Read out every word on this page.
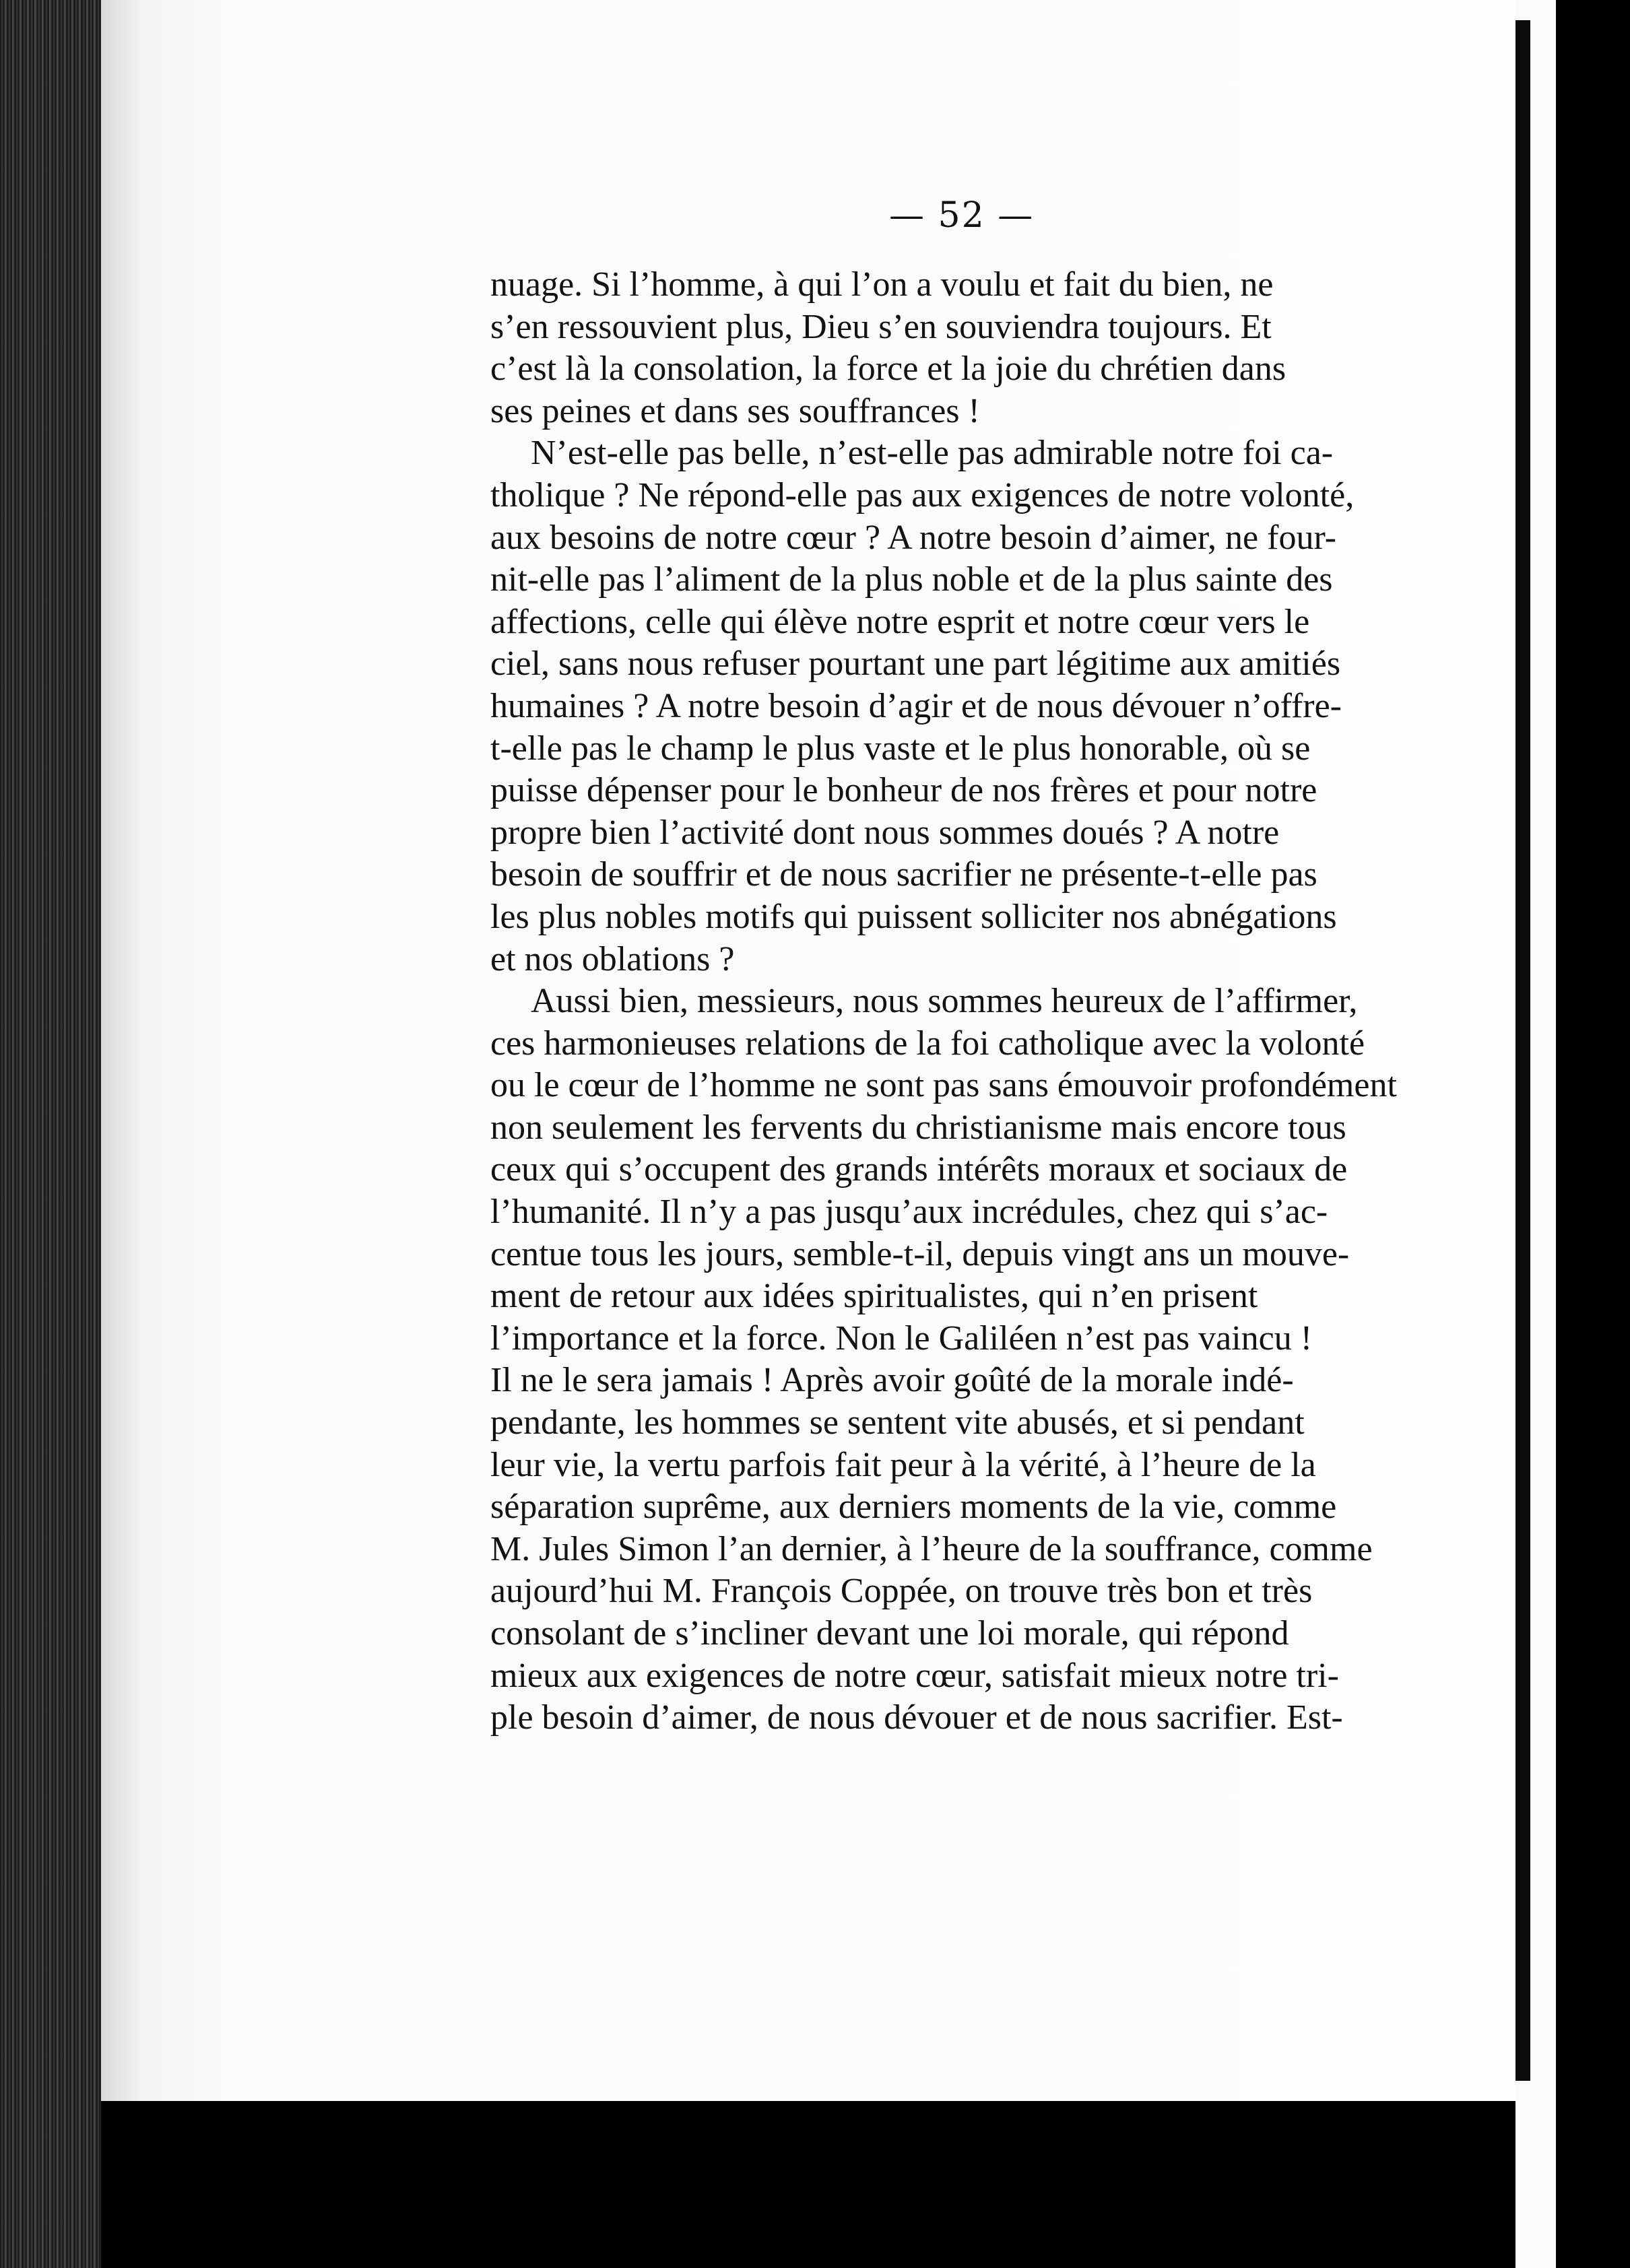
— 52 —
nuage. Si l’homme, à qui l’on a voulu et fait du bien, ne
s’en ressouvient plus, Dieu s’en souviendra toujours. Et
c’est là la consolation, la force et la joie du chrétien dans
ses peines et dans ses souffrances !
N’est-elle pas belle, n’est-elle pas admirable notre foi ca-
tholique ? Ne répond-elle pas aux exigences de notre volonté,
aux besoins de notre cœur ? A notre besoin d’aimer, ne four-
nit-elle pas l’aliment de la plus noble et de la plus sainte des
affections, celle qui élève notre esprit et notre cœur vers le
ciel, sans nous refuser pourtant une part légitime aux amitiés
humaines ? A notre besoin d’agir et de nous dévouer n’offre-
t-elle pas le champ le plus vaste et le plus honorable, où se
puisse dépenser pour le bonheur de nos frères et pour notre
propre bien l’activité dont nous sommes doués ? A notre
besoin de souffrir et de nous sacrifier ne présente-t-elle pas
les plus nobles motifs qui puissent solliciter nos abnégations
et nos oblations ?
Aussi bien, messieurs, nous sommes heureux de l’affirmer,
ces harmonieuses relations de la foi catholique avec la volonté
ou le cœur de l’homme ne sont pas sans émouvoir profondément
non seulement les fervents du christianisme mais encore tous
ceux qui s’occupent des grands intérêts moraux et sociaux de
l’humanité. Il n’y a pas jusqu’aux incrédules, chez qui s’ac-
centue tous les jours, semble-t-il, depuis vingt ans un mouve-
ment de retour aux idées spiritualistes, qui n’en prisent
l’importance et la force. Non le Galiléen n’est pas vaincu !
Il ne le sera jamais ! Après avoir goûté de la morale indé-
pendante, les hommes se sentent vite abusés, et si pendant
leur vie, la vertu parfois fait peur à la vérité, à l’heure de la
séparation suprême, aux derniers moments de la vie, comme
M. Jules Simon l’an dernier, à l’heure de la souffrance, comme
aujourd’hui M. François Coppée, on trouve très bon et très
consolant de s’incliner devant une loi morale, qui répond
mieux aux exigences de notre cœur, satisfait mieux notre tri-
ple besoin d’aimer, de nous dévouer et de nous sacrifier. Est-
